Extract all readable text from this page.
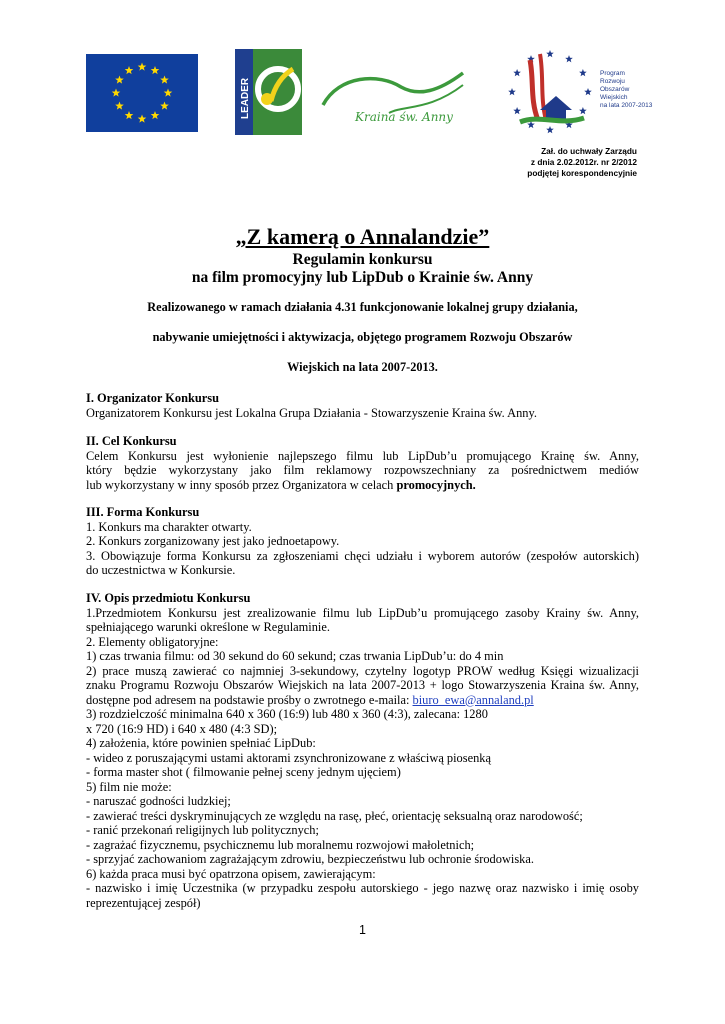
LEADER	Kraina św. Anny
Program
Rozwoju
Obszarów
Wiejskich
na lata 2007-2013
Zał. do uchwały Zarządu
z dnia 2.02.2012r. nr 2/2012
podjętej korespondencyjnie
„Z kamerą o Annalandzie”
Regulamin konkursu
na film promocyjny lub LipDub o Krainie św. Anny
Realizowanego w ramach działania 4.31 funkcjonowanie lokalnej grupy działania,
nabywanie umiejętności i aktywizacja, objętego programem Rozwoju Obszarów
Wiejskich na lata 2007-2013.
I. Organizator Konkursu
Organizatorem Konkursu jest Lokalna Grupa Działania - Stowarzyszenie Kraina św. Anny.
II. Cel Konkursu
Celem Konkursu jest wyłonienie najlepszego filmu lub LipDub’u promującego Krainę św. Anny,
który będzie wykorzystany jako film reklamowy rozpowszechniany za pośrednictwem mediów
lub wykorzystany w inny sposób przez Organizatora w celach promocyjnych.
III. Forma Konkursu
1. Konkurs ma charakter otwarty.
2. Konkurs zorganizowany jest jako jednoetapowy.
3. Obowiązuje forma Konkursu za zgłoszeniami chęci udziału i wyborem autorów (zespołów autorskich)
do uczestnictwa w Konkursie.
IV. Opis przedmiotu Konkursu
1.Przedmiotem Konkursu jest zrealizowanie filmu lub LipDub’u promującego zasoby Krainy św. Anny,
spełniającego warunki określone w Regulaminie.
2. Elementy obligatoryjne:
1) czas trwania filmu: od 30 sekund do 60 sekund; czas trwania LipDub’u: do 4 min
2) prace muszą zawierać co najmniej 3-sekundowy, czytelny logotyp PROW według Księgi wizualizacji
znaku Programu Rozwoju Obszarów Wiejskich na lata 2007-2013 + logo Stowarzyszenia Kraina św. Anny,
dostępne pod adresem na podstawie prośby o zwrotnego e-maila: biuro_ewa@annaland.pl
3) rozdzielczość minimalna 640 x 360 (16:9) lub 480 x 360 (4:3), zalecana: 1280
x 720 (16:9 HD) i 640 x 480 (4:3 SD);
4) założenia, które powinien spełniać LipDub:
- wideo z poruszającymi ustami aktorami zsynchronizowane z właściwą piosenką
- forma master shot ( filmowanie pełnej sceny jednym ujęciem)
5) film nie może:
- naruszać godności ludzkiej;
- zawierać treści dyskryminujących ze względu na rasę, płeć, orientację seksualną oraz narodowość;
- ranić przekonań religijnych lub politycznych;
- zagrażać fizycznemu, psychicznemu lub moralnemu rozwojowi małoletnich;
- sprzyjać zachowaniom zagrażającym zdrowiu, bezpieczeństwu lub ochronie środowiska.
6) każda praca musi być opatrzona opisem, zawierającym:
- nazwisko i imię Uczestnika (w przypadku zespołu autorskiego - jego nazwę oraz nazwisko i imię osoby
reprezentującej zespół)
1
